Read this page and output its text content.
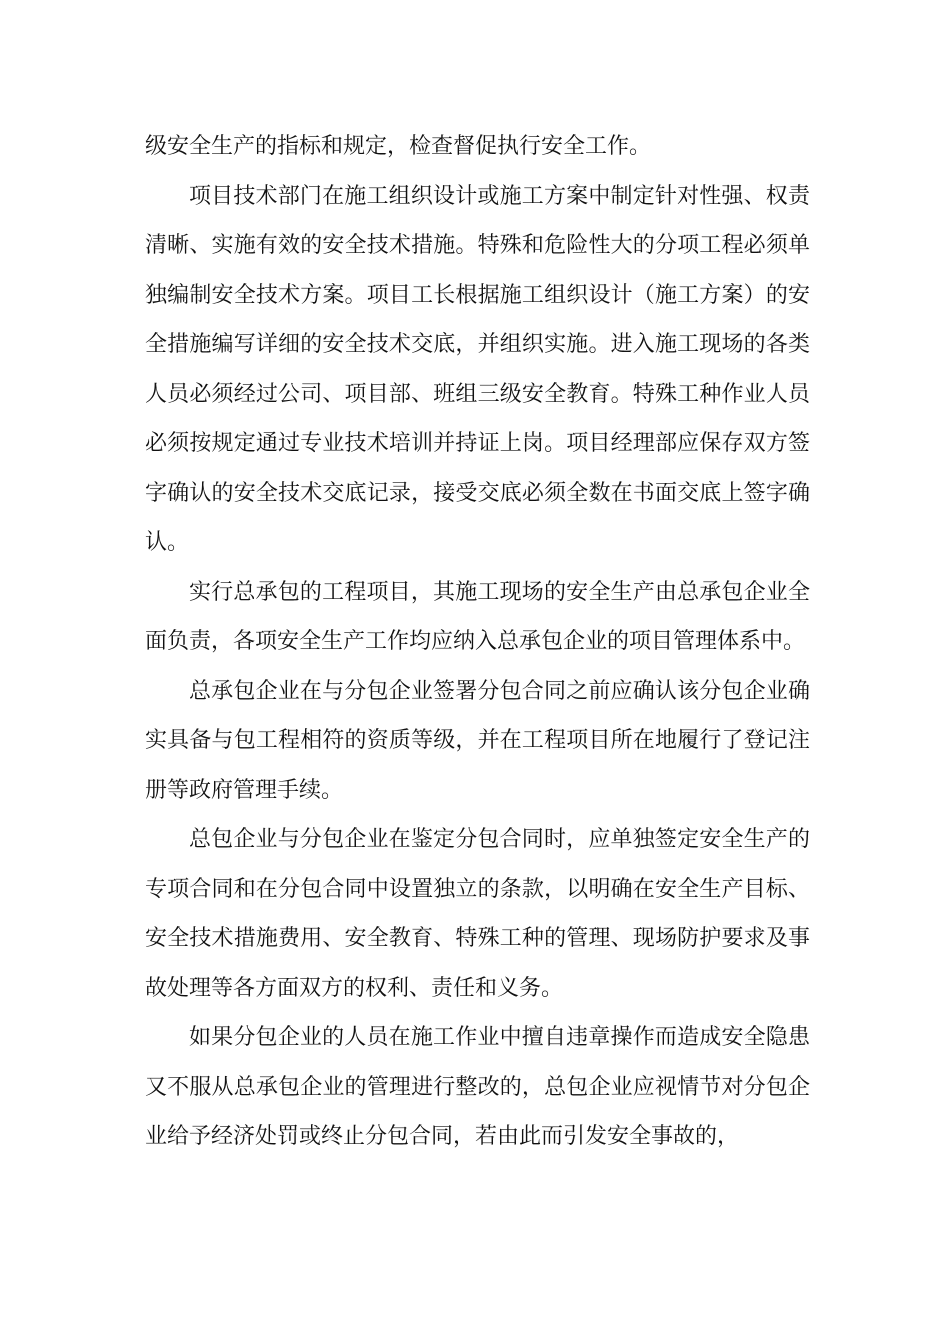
级安全生产的指标和规定，检查督促执行安全工作。

项目技术部门在施工组织设计或施工方案中制定针对性强、权责清晰、实施有效的安全技术措施。特殊和危险性大的分项工程必须单独编制安全技术方案。项目工长根据施工组织设计（施工方案）的安全措施编写详细的安全技术交底，并组织实施。进入施工现场的各类人员必须经过公司、项目部、班组三级安全教育。特殊工种作业人员必须按规定通过专业技术培训并持证上岗。项目经理部应保存双方签字确认的安全技术交底记录，接受交底必须全数在书面交底上签字确认。

实行总承包的工程项目，其施工现场的安全生产由总承包企业全面负责，各项安全生产工作均应纳入总承包企业的项目管理体系中。

总承包企业在与分包企业签署分包合同之前应确认该分包企业确实具备与包工程相符的资质等级，并在工程项目所在地履行了登记注册等政府管理手续。

总包企业与分包企业在鉴定分包合同时，应单独签定安全生产的专项合同和在分包合同中设置独立的条款，以明确在安全生产目标、安全技术措施费用、安全教育、特殊工种的管理、现场防护要求及事故处理等各方面双方的权利、责任和义务。

如果分包企业的人员在施工作业中擅自违章操作而造成安全隐患又不服从总承包企业的管理进行整改的，总包企业应视情节对分包企业给予经济处罚或终止分包合同，若由此而引发安全事故的，
